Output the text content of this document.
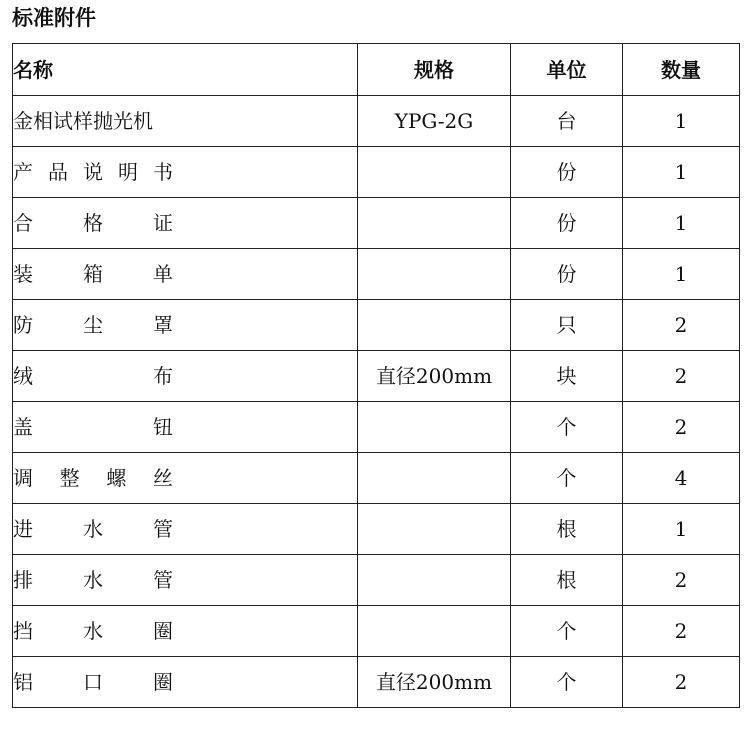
标准附件
名称	规格	单位	数量

金相试样抛光机	YPG-2G	台	1

产品说明书		份	1

合格证		份	1

装箱单		份	1

防尘罩		只	2

绒布	直径200mm	块	2

盖钮		个	2

调整螺丝		个	4

进水管		根	1

排水管		根	2

挡水圈		个	2

铝口圈	直径200mm	个	2
